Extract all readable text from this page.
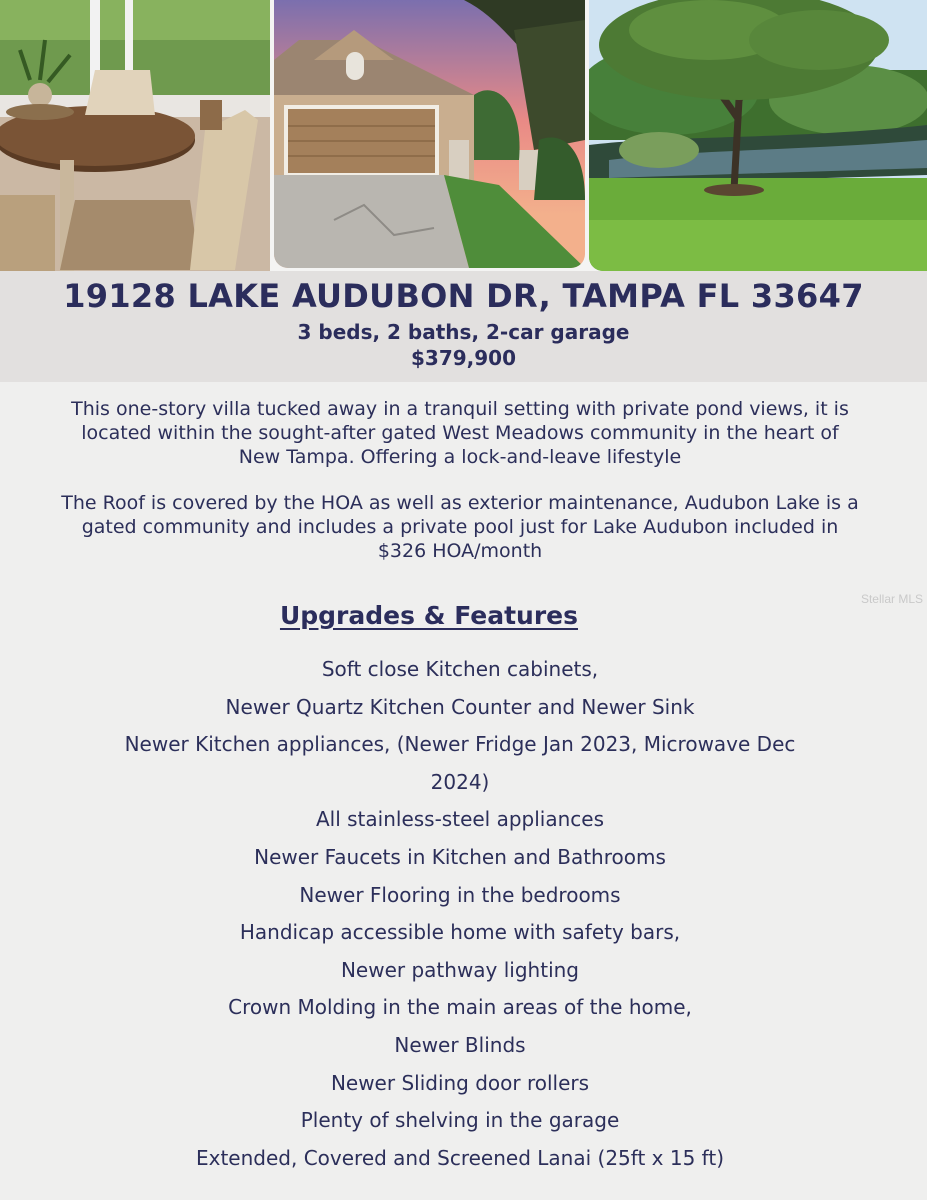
19128 LAKE AUDUBON DR, TAMPA FL 33647
3 beds, 2 baths, 2-car garage
$379,900

This one-story villa tucked away in a tranquil setting with private pond views, it is located within the sought-after gated West Meadows community in the heart of New Tampa. Offering a lock-and-leave lifestyle

The Roof is covered by the HOA as well as exterior maintenance, Audubon Lake is a gated community and includes a private pool just for Lake Audubon included in $326 HOA/month

Stellar MLS
Upgrades & Features
Soft close Kitchen cabinets,
Newer Quartz Kitchen Counter and Newer Sink
Newer Kitchen appliances, (Newer Fridge Jan 2023, Microwave Dec 2024)
All stainless-steel appliances
Newer Faucets in Kitchen and Bathrooms
Newer Flooring in the bedrooms
Handicap accessible home with safety bars,
Newer pathway lighting
Crown Molding in the main areas of the home,
Newer Blinds
Newer Sliding door rollers
Plenty of shelving in the garage
Extended, Covered and Screened Lanai (25ft x 15 ft)
